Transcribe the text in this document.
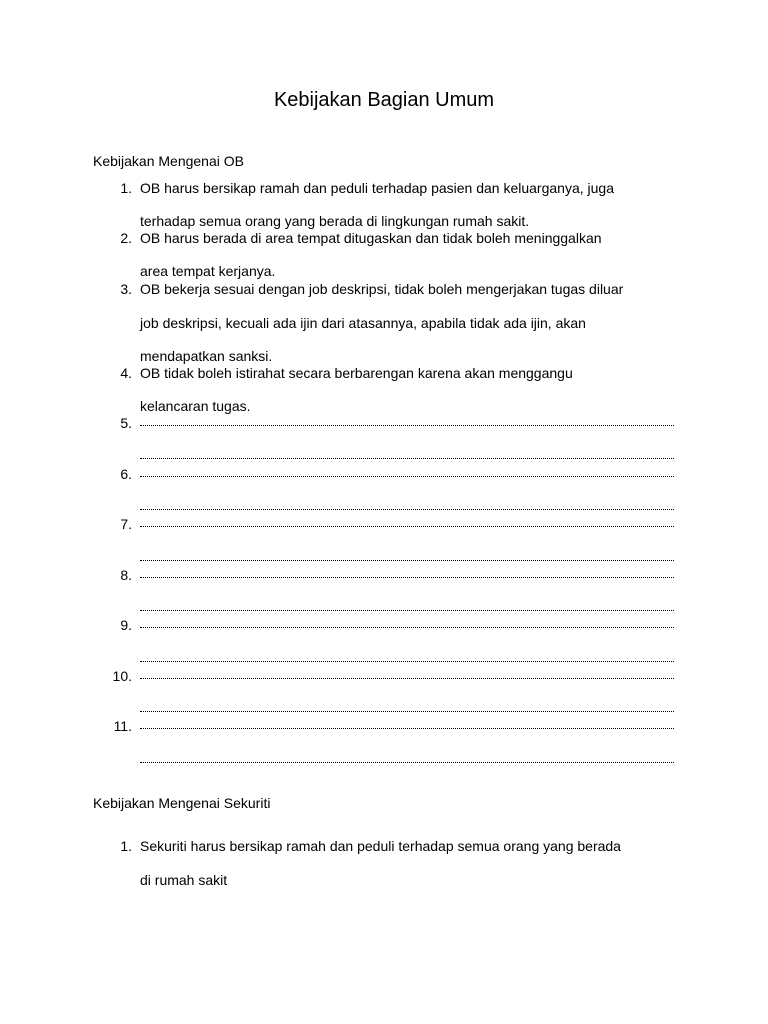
Kebijakan Bagian Umum
Kebijakan Mengenai OB
1. OB harus bersikap ramah dan peduli terhadap pasien dan keluarganya, juga
terhadap semua orang yang berada di lingkungan rumah sakit.
2. OB harus berada di area tempat ditugaskan dan tidak boleh meninggalkan
area tempat kerjanya.
3. OB bekerja sesuai dengan job deskripsi, tidak boleh mengerjakan tugas diluar
job deskripsi, kecuali ada ijin dari atasannya, apabila tidak ada ijin, akan
mendapatkan sanksi.
4. OB tidak boleh istirahat secara berbarengan karena akan menggangu
kelancaran tugas.
5.
6.
7.
8.
9.
10.
11.
Kebijakan Mengenai Sekuriti
1. Sekuriti harus bersikap ramah dan peduli terhadap semua orang yang berada
di rumah sakit
